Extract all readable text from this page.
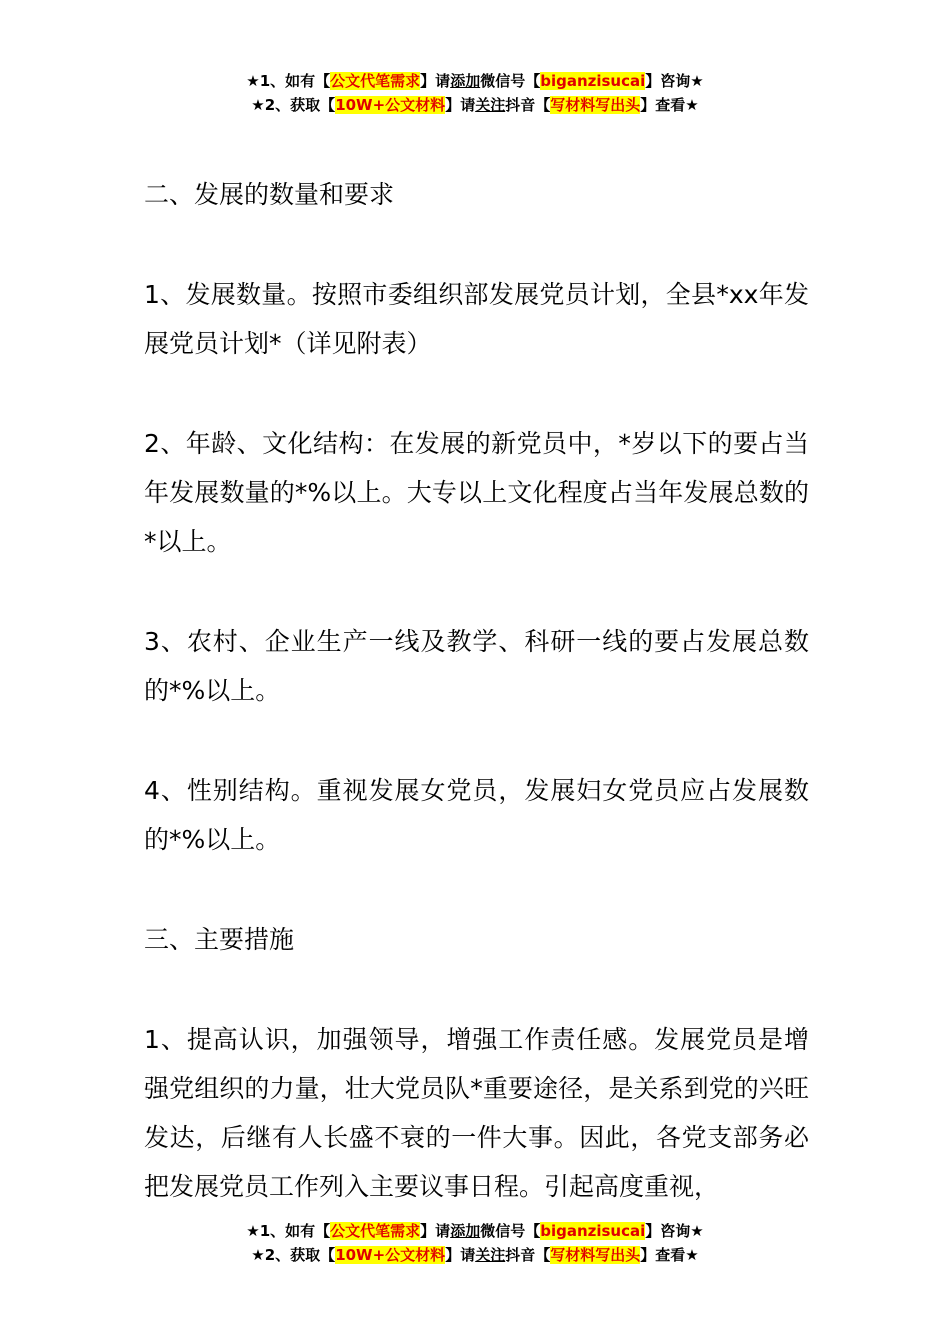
★1、如有【公文代笔需求】请添加微信号【biganzisucai】咨询★
★2、获取【10W+公文材料】请关注抖音【写材料写出头】查看★
二、发展的数量和要求

1、发展数量。按照市委组织部发展党员计划，全县*xx年发展党员计划*（详见附表）

2、年龄、文化结构：在发展的新党员中，*岁以下的要占当年发展数量的*%以上。大专以上文化程度占当年发展总数的*以上。

3、农村、企业生产一线及教学、科研一线的要占发展总数的*%以上。

4、性别结构。重视发展女党员，发展妇女党员应占发展数的*%以上。

三、主要措施

1、提高认识，加强领导，增强工作责任感。发展党员是增强党组织的力量，壮大党员队*重要途径，是关系到党的兴旺发达，后继有人长盛不衰的一件大事。因此，各党支部务必把发展党员工作列入主要议事日程。引起高度重视，

★1、如有【公文代笔需求】请添加微信号【biganzisucai】咨询★
★2、获取【10W+公文材料】请关注抖音【写材料写出头】查看★
